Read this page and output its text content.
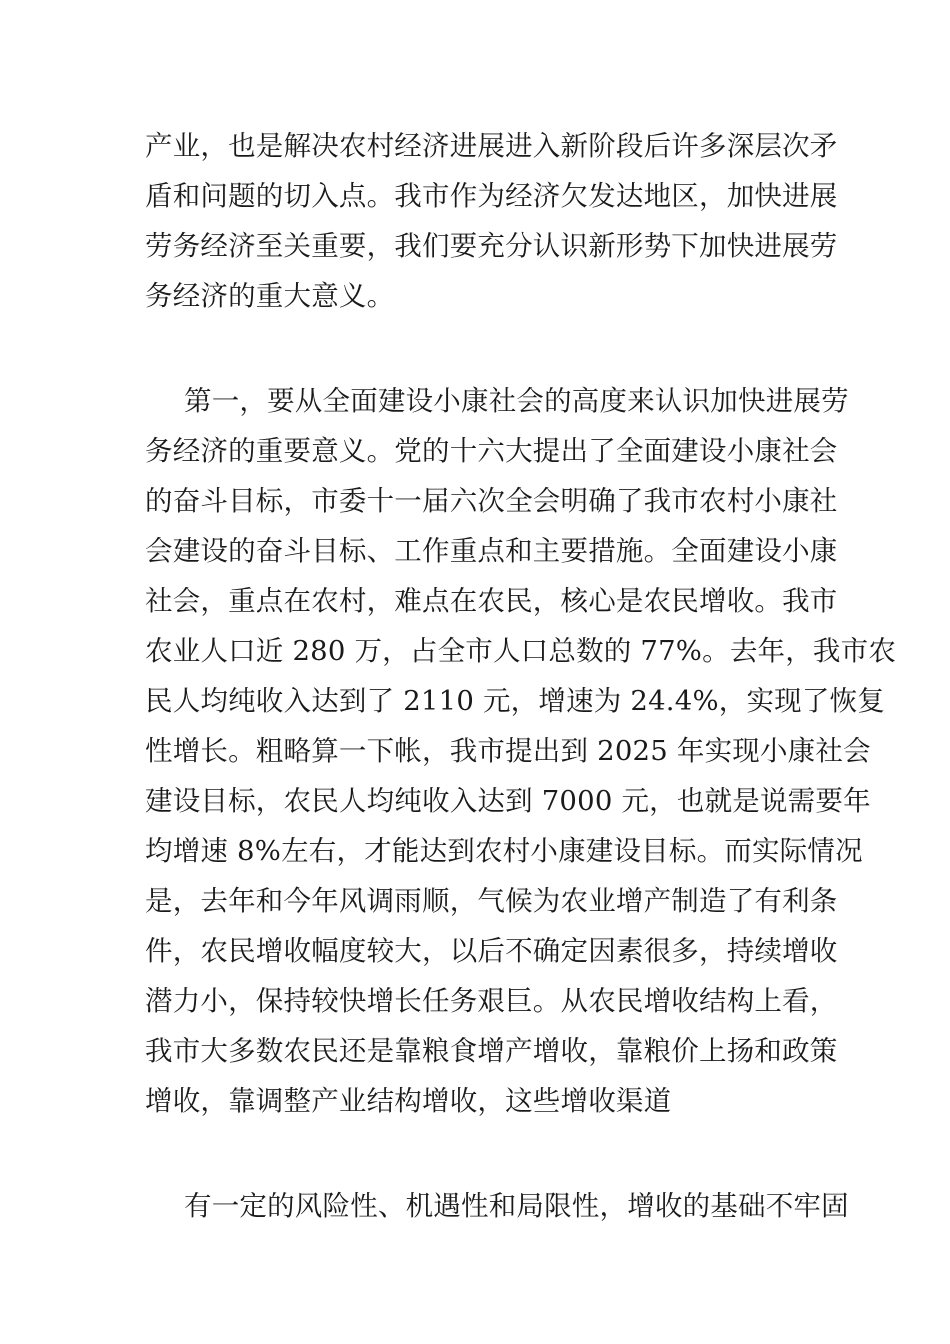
产业，也是解决农村经济进展进入新阶段后许多深层次矛
盾和问题的切入点。我市作为经济欠发达地区，加快进展
劳务经济至关重要，我们要充分认识新形势下加快进展劳
务经济的重大意义。
第一，要从全面建设小康社会的高度来认识加快进展劳
务经济的重要意义。党的十六大提出了全面建设小康社会
的奋斗目标，市委十一届六次全会明确了我市农村小康社
会建设的奋斗目标、工作重点和主要措施。全面建设小康
社会，重点在农村，难点在农民，核心是农民增收。我市
农业人口近 280 万，占全市人口总数的 77%。去年，我市农
民人均纯收入达到了 2110 元，增速为 24.4%，实现了恢复
性增长。粗略算一下帐，我市提出到 2025 年实现小康社会
建设目标，农民人均纯收入达到 7000 元，也就是说需要年
均增速 8%左右，才能达到农村小康建设目标。而实际情况
是，去年和今年风调雨顺，气候为农业增产制造了有利条
件，农民增收幅度较大，以后不确定因素很多，持续增收
潜力小，保持较快增长任务艰巨。从农民增收结构上看，
我市大多数农民还是靠粮食增产增收，靠粮价上扬和政策
增收，靠调整产业结构增收，这些增收渠道
有一定的风险性、机遇性和局限性，增收的基础不牢固
